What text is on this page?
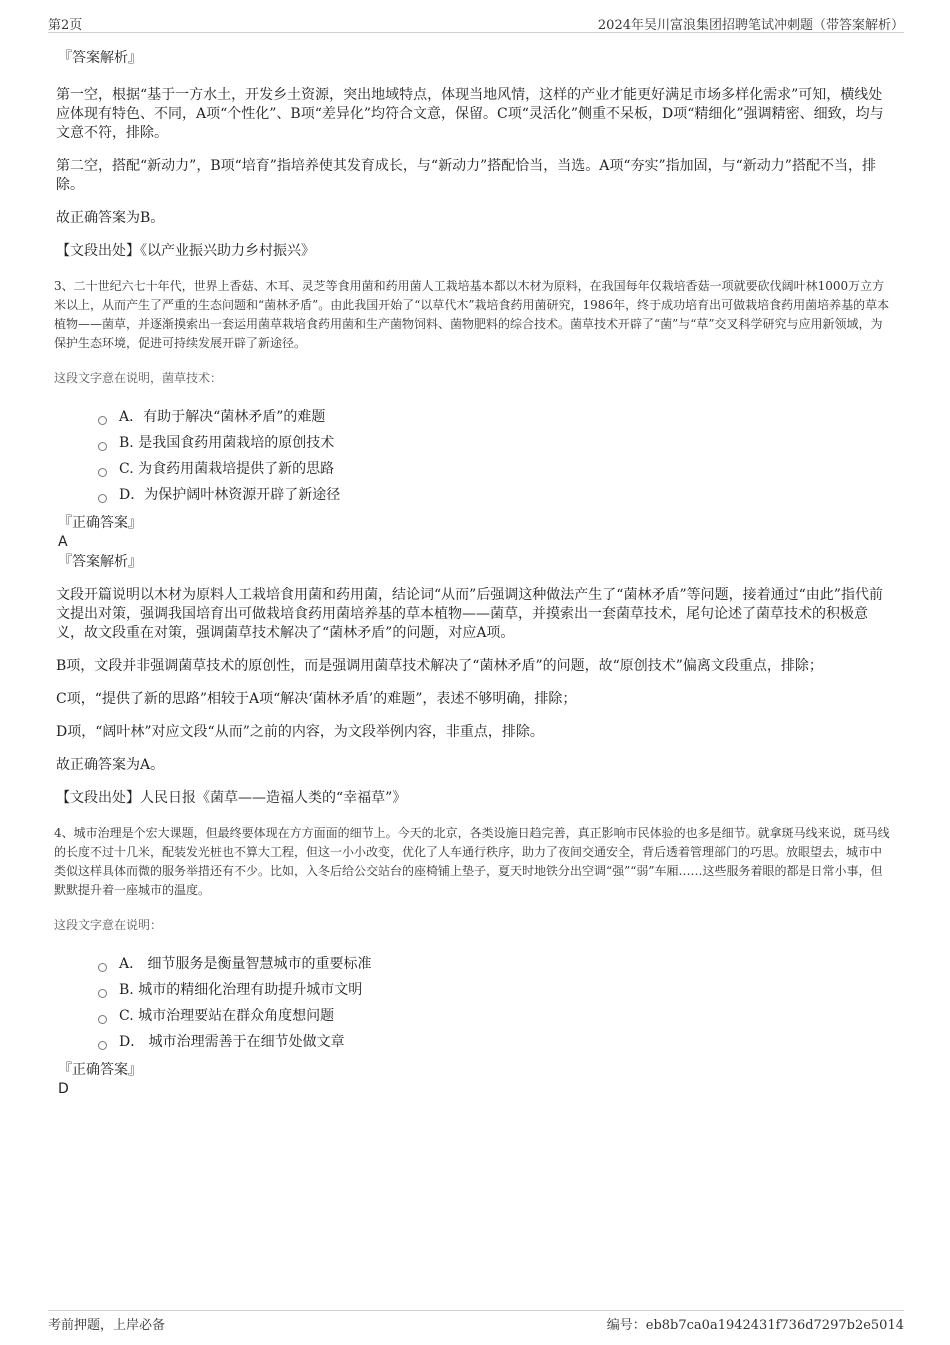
第2页	2024年吴川富浪集团招聘笔试冲刺题（带答案解析）
『答案解析』

第一空，根据“基于一方水土，开发乡土资源，突出地域特点，体现当地风情，这样的产业才能更好满足市场多样化需求”可知，横线处应体现有特色、不同，A项“个性化”、B项“差异化”均符合文意，保留。C项“灵活化”侧重不呆板，D项“精细化”强调精密、细致，均与文意不符，排除。

第二空，搭配“新动力”，B项“培育”指培养使其发育成长，与“新动力”搭配恰当，当选。A项“夯实”指加固，与“新动力”搭配不当，排除。

故正确答案为B。

【文段出处】《以产业振兴助力乡村振兴》

3、二十世纪六七十年代，世界上香菇、木耳、灵芝等食用菌和药用菌人工栽培基本都以木材为原料，在我国每年仅栽培香菇一项就要砍伐阔叶林1000万立方米以上，从而产生了严重的生态问题和“菌林矛盾”。由此我国开始了“以草代木”栽培食药用菌研究，1986年，终于成功培育出可做栽培食药用菌培养基的草本植物——菌草，并逐渐摸索出一套运用菌草栽培食药用菌和生产菌物饲料、菌物肥料的综合技术。菌草技术开辟了“菌”与“草”交叉科学研究与应用新领域，为保护生态环境，促进可持续发展开辟了新途径。

这段文字意在说明，菌草技术：

A．有助于解决“菌林矛盾”的难题
B. 是我国食药用菌栽培的原创技术
C. 为食药用菌栽培提供了新的思路
D．为保护阔叶林资源开辟了新途径
『正确答案』
A
『答案解析』

文段开篇说明以木材为原料人工栽培食用菌和药用菌，结论词“从而”后强调这种做法产生了“菌林矛盾”等问题，接着通过“由此”指代前文提出对策，强调我国培育出可做栽培食药用菌培养基的草本植物——菌草，并摸索出一套菌草技术，尾句论述了菌草技术的积极意义，故文段重在对策，强调菌草技术解决了“菌林矛盾”的问题，对应A项。

B项，文段并非强调菌草技术的原创性，而是强调用菌草技术解决了“菌林矛盾”的问题，故“原创技术”偏离文段重点，排除；

C项，“提供了新的思路”相较于A项“解决‘菌林矛盾’的难题”，表述不够明确，排除；

D项，“阔叶林”对应文段“从而”之前的内容，为文段举例内容，非重点，排除。

故正确答案为A。

【文段出处】人民日报《菌草——造福人类的“幸福草”》

4、城市治理是个宏大课题，但最终要体现在方方面面的细节上。今天的北京，各类设施日趋完善，真正影响市民体验的也多是细节。就拿斑马线来说，斑马线的长度不过十几米，配装发光桩也不算大工程，但这一小小改变，优化了人车通行秩序，助力了夜间交通安全，背后透着管理部门的巧思。放眼望去，城市中类似这样具体而微的服务举措还有不少。比如，入冬后给公交站台的座椅铺上垫子，夏天时地铁分出空调“强”“弱”车厢……这些服务着眼的都是日常小事，但默默提升着一座城市的温度。

这段文字意在说明：

A． 细节服务是衡量智慧城市的重要标准
B. 城市的精细化治理有助提升城市文明
C. 城市治理要站在群众角度想问题
D． 城市治理需善于在细节处做文章
『正确答案』
D
考前押题，上岸必备	编号：eb8b7ca0a1942431f736d7297b2e5014
